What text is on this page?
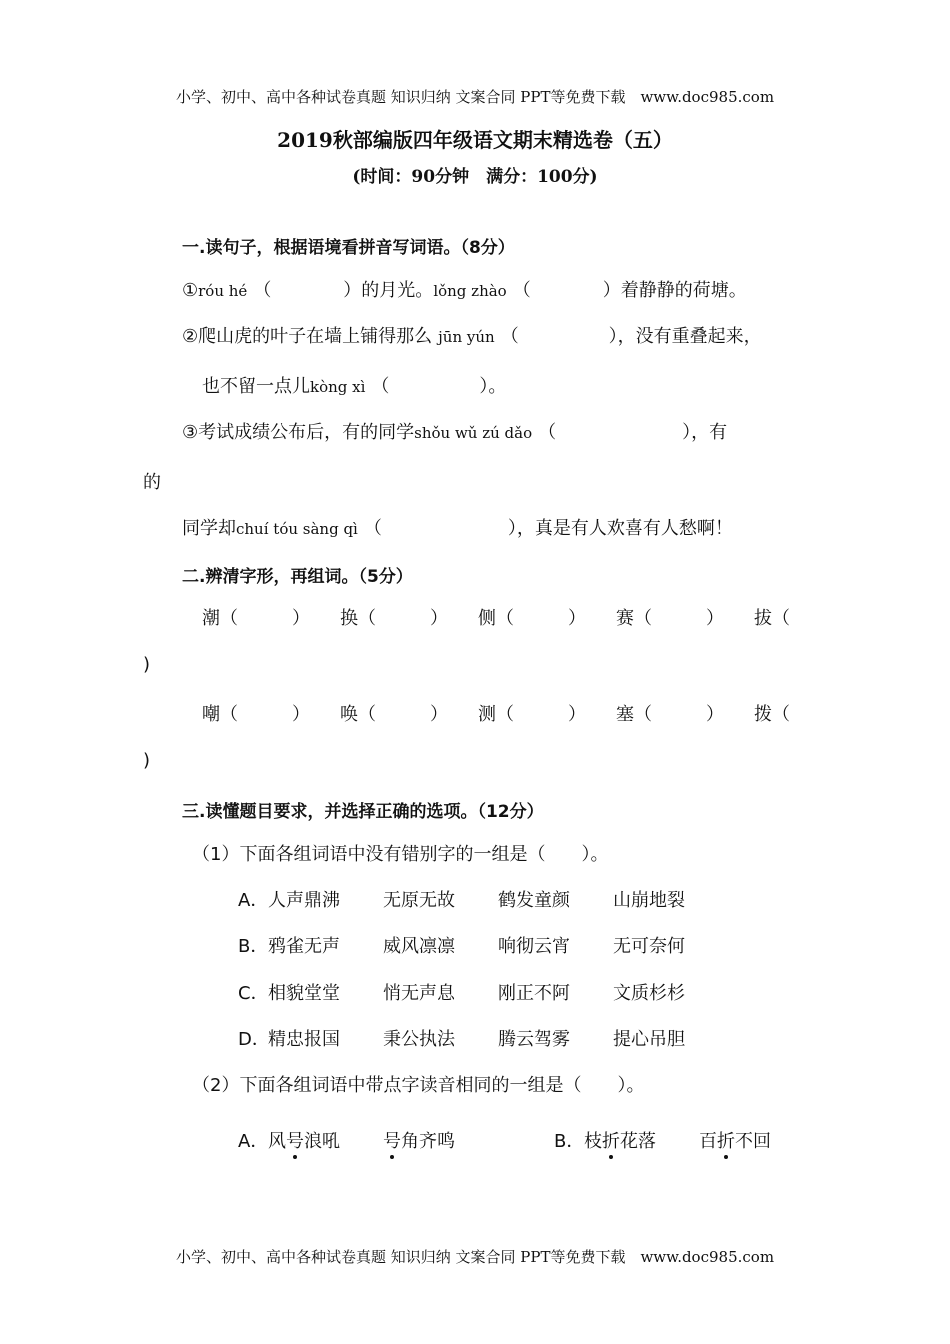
小学、初中、高中各种试卷真题 知识归纳 文案合同 PPT等免费下载　www.doc985.com
2019秋部编版四年级语文期末精选卷（五）
(时间：90分钟　满分：100分)
一.读句子，根据语境看拼音写词语。（8分）
①róu hé （　　　　）的月光。lǒng zhào （　　　　）着静静的荷塘。
②爬山虎的叶子在墙上铺得那么 jūn yún （　　　　　），没有重叠起来，
也不留一点儿kòng xì （　　　　　）。
③考试成绩公布后，有的同学shǒu wǔ zú dǎo （　　　　　　　），有
的
同学却chuí tóu sàng qì （　　　　　　　），真是有人欢喜有人愁啊！
二.辨清字形，再组词。（5分）
潮（　　　） 换（　　　） 侧（　　　） 赛（　　　） 拔（
)
嘲（　　　） 唤（　　　） 测（　　　） 塞（　　　） 拨（
)
三.读懂题目要求，并选择正确的选项。（12分）
（1）下面各组词语中没有错别字的一组是（　　）。
A． 人声鼎沸 无原无故 鹤发童颜 山崩地裂
B． 鸦雀无声 威风凛凛 响彻云宵 无可奈何
C． 相貌堂堂 悄无声息 刚正不阿 文质杉杉
D．
精忠报国 秉公执法 腾云驾雾 提心吊胆
（2）下面各组词语中带点字读音相同的一组是（　　）。
A． 风号浪吼 号角齐鸣	B． 枝折花落 百折不回
小学、初中、高中各种试卷真题 知识归纳 文案合同 PPT等免费下载　www.doc985.com
